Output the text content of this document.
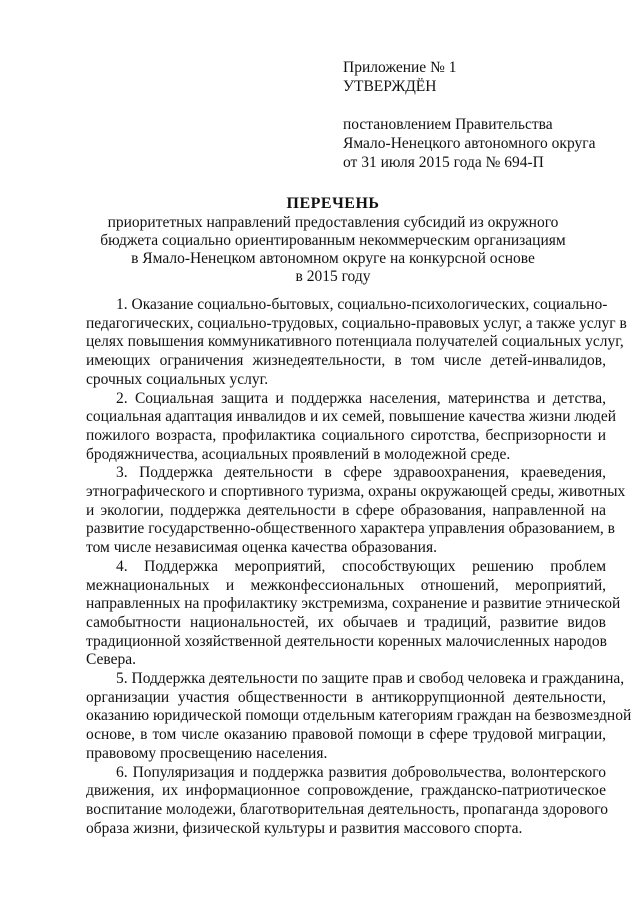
Приложение № 1
УТВЕРЖДЁН
постановлением Правительства
Ямало-Ненецкого автономного округа
от 31 июля 2015 года № 694-П
ПЕРЕЧЕНЬ
приоритетных направлений предоставления субсидий из окружного
бюджета социально ориентированным некоммерческим организациям
в Ямало-Ненецком автономном округе на конкурсной основе
в 2015 году
1. Оказание социально-бытовых, социально-психологических, социально-
педагогических, социально-трудовых, социально-правовых услуг, а также услуг в
целях повышения коммуникативного потенциала получателей социальных услуг,
имеющих ограничения жизнедеятельности, в том числе детей-инвалидов,
срочных социальных услуг.
2. Социальная защита и поддержка населения, материнства и детства,
социальная адаптация инвалидов и их семей, повышение качества жизни людей
пожилого возраста, профилактика социального сиротства, беспризорности и
бродяжничества, асоциальных проявлений в молодежной среде.
3. Поддержка деятельности в сфере здравоохранения, краеведения,
этнографического и спортивного туризма, охраны окружающей среды, животных
и экологии, поддержка деятельности в сфере образования, направленной на
развитие государственно-общественного характера управления образованием, в
том числе независимая оценка качества образования.
4. Поддержка мероприятий, способствующих решению проблем
межнациональных и межконфессиональных отношений, мероприятий,
направленных на профилактику экстремизма, сохранение и развитие этнической
самобытности национальностей, их обычаев и традиций, развитие видов
традиционной хозяйственной деятельности коренных малочисленных народов
Севера.
5. Поддержка деятельности по защите прав и свобод человека и гражданина,
организации участия общественности в антикоррупционной деятельности,
оказанию юридической помощи отдельным категориям граждан на безвозмездной
основе, в том числе оказанию правовой помощи в сфере трудовой миграции,
правовому просвещению населения.
6. Популяризация и поддержка развития добровольчества, волонтерского
движения, их информационное сопровождение, гражданско-патриотическое
воспитание молодежи, благотворительная деятельность, пропаганда здорового
образа жизни, физической культуры и развития массового спорта.
